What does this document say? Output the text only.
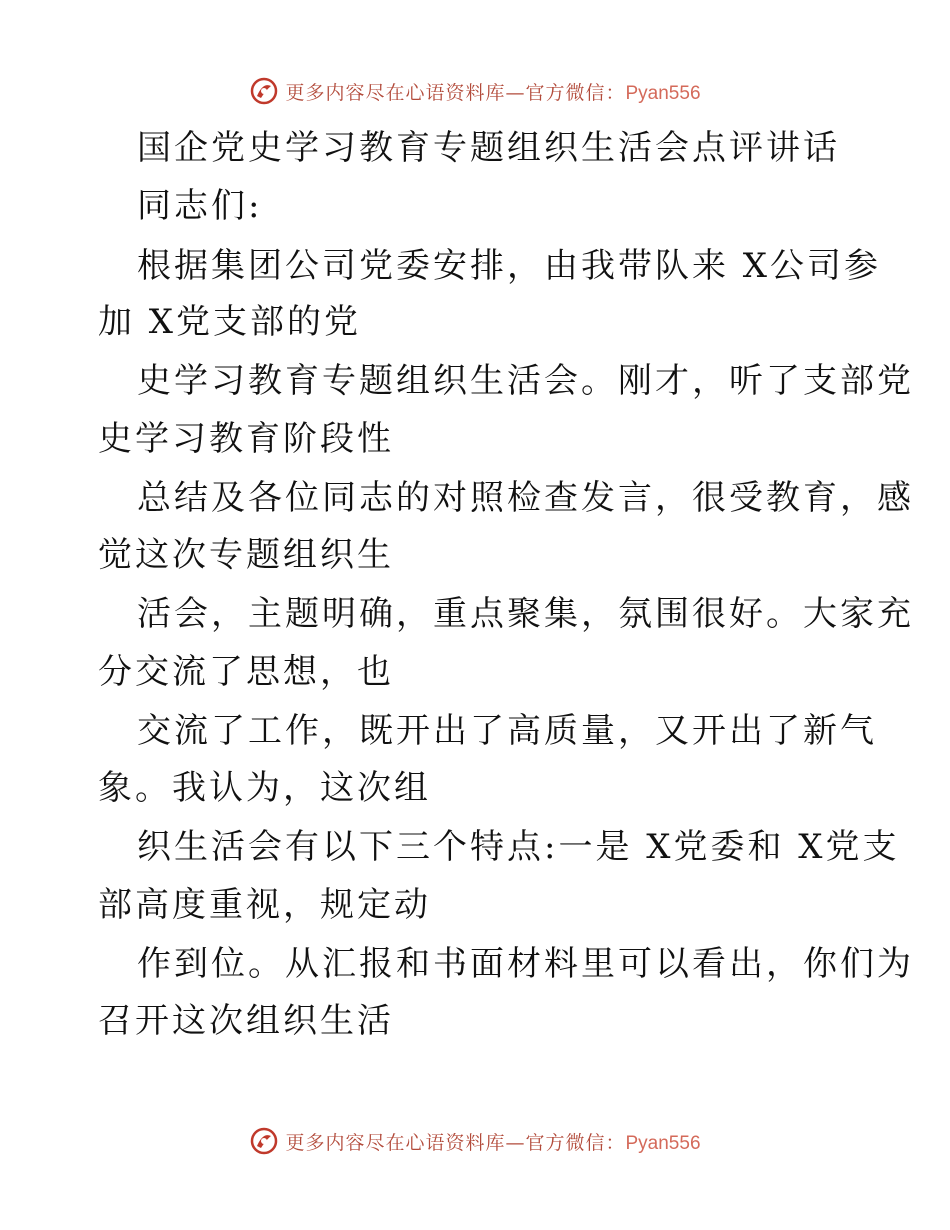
更多内容尽在心语资料库—官方微信：Pyan556
国企党史学习教育专题组织生活会点评讲话
同志们:
根据集团公司党委安排，由我带队来 X公司参
加 X党支部的党
史学习教育专题组织生活会。刚才，听了支部党
史学习教育阶段性
总结及各位同志的对照检查发言，很受教育，感
觉这次专题组织生
活会，主题明确，重点聚集，氛围很好。大家充
分交流了思想，也
交流了工作，既开出了高质量，又开出了新气
象。我认为，这次组
织生活会有以下三个特点:一是 X党委和 X党支
部高度重视，规定动
作到位。从汇报和书面材料里可以看出，你们为
召开这次组织生活
更多内容尽在心语资料库—官方微信：Pyan556
